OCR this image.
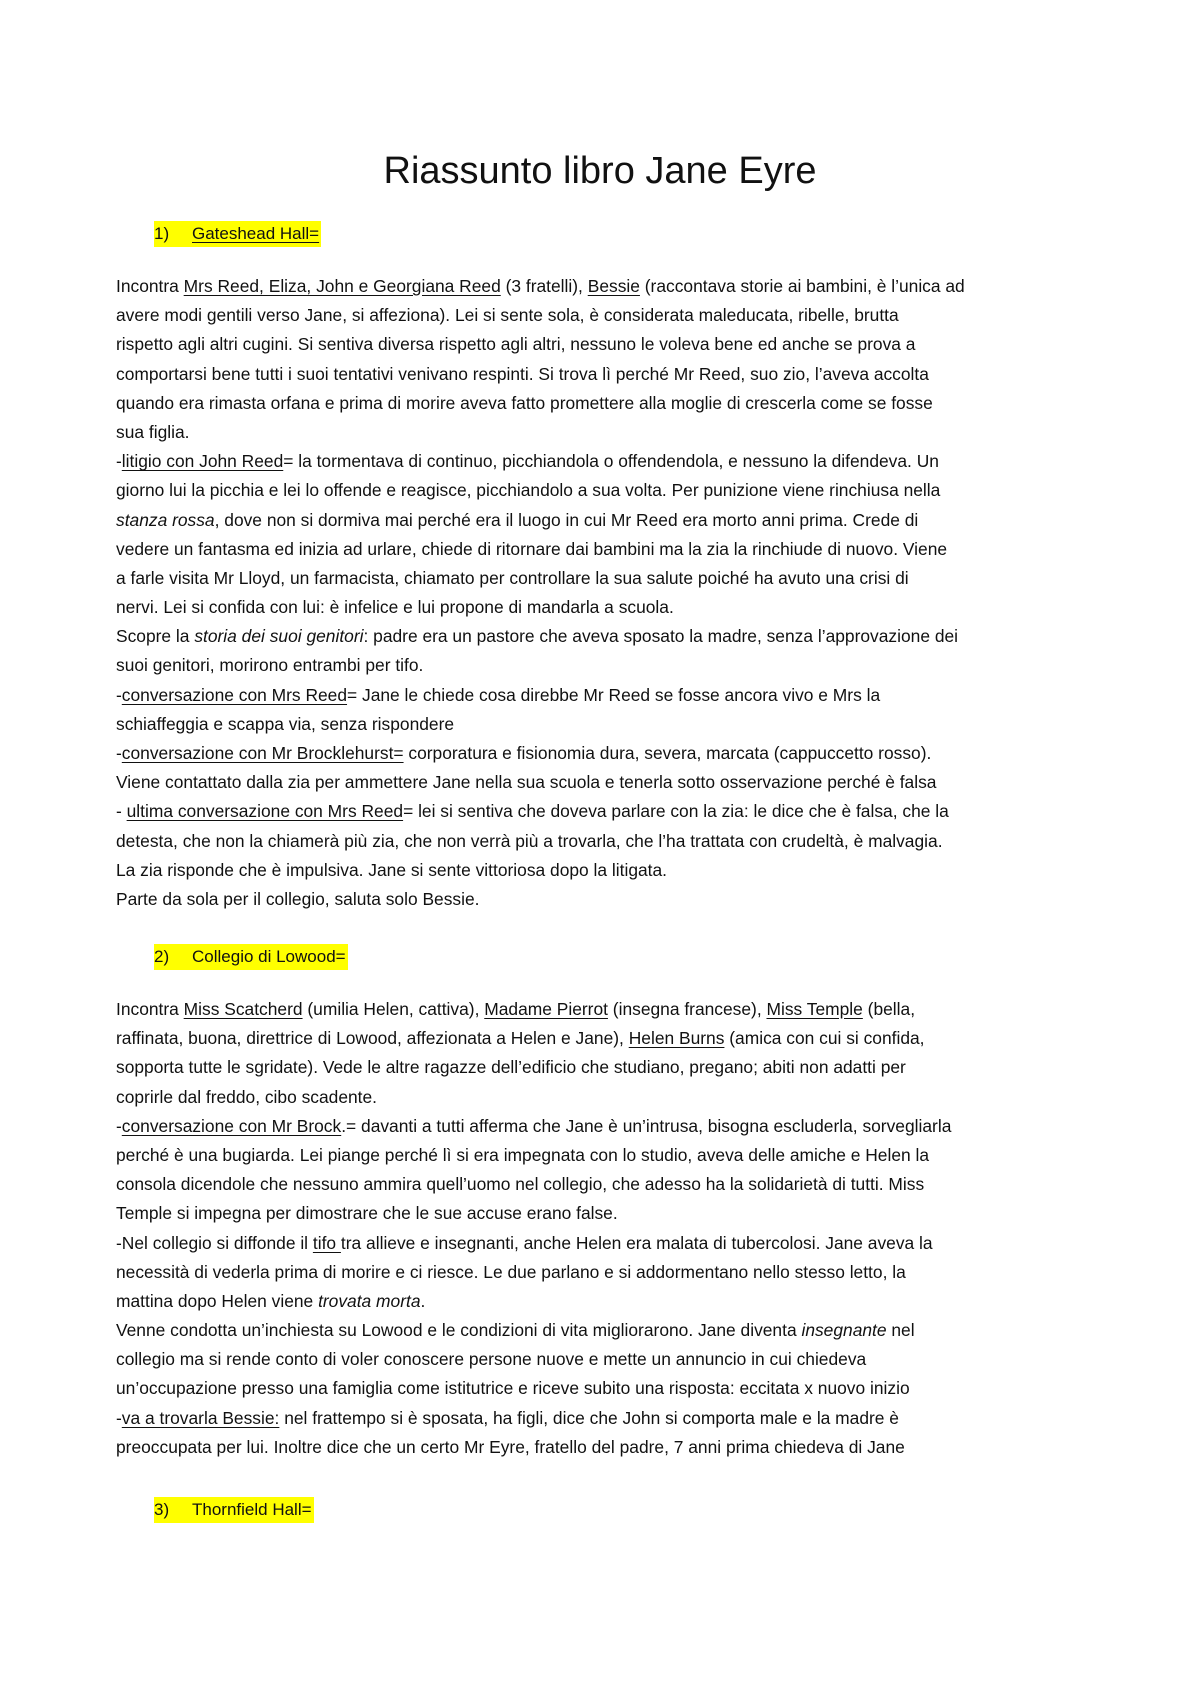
Riassunto libro Jane Eyre
1)	Gateshead Hall=
Incontra Mrs Reed, Eliza, John e Georgiana Reed (3 fratelli), Bessie (raccontava storie ai bambini, è l’unica ad
avere modi gentili verso Jane, si affeziona). Lei si sente sola, è considerata maleducata, ribelle, brutta
rispetto agli altri cugini. Si sentiva diversa rispetto agli altri, nessuno le voleva bene ed anche se prova a
comportarsi bene tutti i suoi tentativi venivano respinti. Si trova lì perché Mr Reed, suo zio, l’aveva accolta
quando era rimasta orfana e prima di morire aveva fatto promettere alla moglie di crescerla come se fosse
sua figlia.
-litigio con John Reed= la tormentava di continuo, picchiandola o offendendola, e nessuno la difendeva. Un
giorno lui la picchia e lei lo offende e reagisce, picchiandolo a sua volta. Per punizione viene rinchiusa nella
stanza rossa, dove non si dormiva mai perché era il luogo in cui Mr Reed era morto anni prima. Crede di
vedere un fantasma ed inizia ad urlare, chiede di ritornare dai bambini ma la zia la rinchiude di nuovo. Viene
a farle visita Mr Lloyd, un farmacista, chiamato per controllare la sua salute poiché ha avuto una crisi di
nervi. Lei si confida con lui: è infelice e lui propone di mandarla a scuola.
Scopre la storia dei suoi genitori: padre era un pastore che aveva sposato la madre, senza l’approvazione dei
suoi genitori, morirono entrambi per tifo.
-conversazione con Mrs Reed= Jane le chiede cosa direbbe Mr Reed se fosse ancora vivo e Mrs la
schiaffeggia e scappa via, senza rispondere
-conversazione con Mr Brocklehurst= corporatura e fisionomia dura, severa, marcata (cappuccetto rosso).
Viene contattato dalla zia per ammettere Jane nella sua scuola e tenerla sotto osservazione perché è falsa
- ultima conversazione con Mrs Reed= lei si sentiva che doveva parlare con la zia: le dice che è falsa, che la
detesta, che non la chiamerà più zia, che non verrà più a trovarla, che l’ha trattata con crudeltà, è malvagia.
La zia risponde che è impulsiva. Jane si sente vittoriosa dopo la litigata.
Parte da sola per il collegio, saluta solo Bessie.
2)	Collegio di Lowood=
Incontra Miss Scatcherd (umilia Helen, cattiva), Madame Pierrot (insegna francese), Miss Temple (bella,
raffinata, buona, direttrice di Lowood, affezionata a Helen e Jane), Helen Burns (amica con cui si confida,
sopporta tutte le sgridate). Vede le altre ragazze dell’edificio che studiano, pregano; abiti non adatti per
coprirle dal freddo, cibo scadente.
-conversazione con Mr Brock.= davanti a tutti afferma che Jane è un’intrusa, bisogna escluderla, sorvegliarla
perché è una bugiarda. Lei piange perché lì si era impegnata con lo studio, aveva delle amiche e Helen la
consola dicendole che nessuno ammira quell’uomo nel collegio, che adesso ha la solidarietà di tutti. Miss
Temple si impegna per dimostrare che le sue accuse erano false.
-Nel collegio si diffonde il tifo tra allieve e insegnanti, anche Helen era malata di tubercolosi. Jane aveva la
necessità di vederla prima di morire e ci riesce. Le due parlano e si addormentano nello stesso letto, la
mattina dopo Helen viene trovata morta.
Venne condotta un’inchiesta su Lowood e le condizioni di vita migliorarono. Jane diventa insegnante nel
collegio ma si rende conto di voler conoscere persone nuove e mette un annuncio in cui chiedeva
un’occupazione presso una famiglia come istitutrice e riceve subito una risposta: eccitata x nuovo inizio
-va a trovarla Bessie: nel frattempo si è sposata, ha figli, dice che John si comporta male e la madre è
preoccupata per lui. Inoltre dice che un certo Mr Eyre, fratello del padre, 7 anni prima chiedeva di Jane
3)	Thornfield Hall=
